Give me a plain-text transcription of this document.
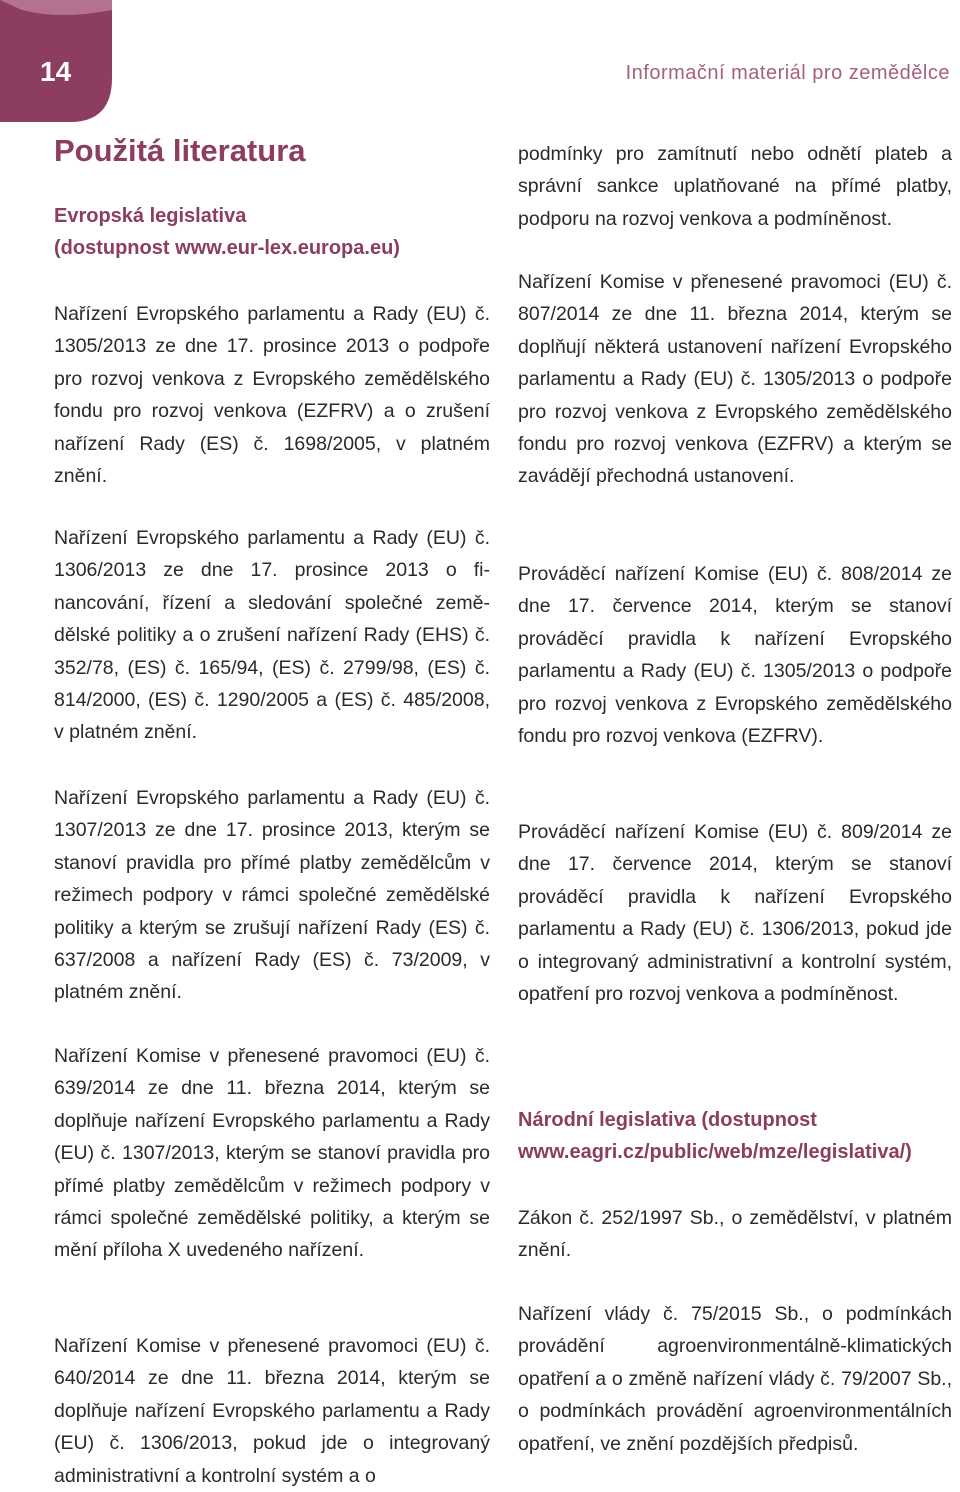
14	Informační materiál pro zemědělce
Použitá literatura
Evropská legislativa
(dostupnost www.eur-lex.europa.eu)
Nařízení Evropského parlamentu a Rady (EU) č. 1305/2013 ze dne 17. prosince 2013 o podpoře pro rozvoj venkova z Evropského zemědělského fondu pro rozvoj venkova (EZFRV) a o zrušení nařízení Rady (ES) č. 1698/2005, v platném znění.
Nařízení Evropského parlamentu a Rady (EU) č. 1306/2013 ze dne 17. prosince 2013 o financování, řízení a sledování společné zemědělské politiky a o zrušení nařízení Rady (EHS) č. 352/78, (ES) č. 165/94, (ES) č. 2799/98, (ES) č. 814/2000, (ES) č. 1290/2005 a (ES) č. 485/2008, v platném znění.
Nařízení Evropského parlamentu a Rady (EU) č. 1307/2013 ze dne 17. prosince 2013, kterým se stanoví pravidla pro přímé platby zemědělcům v režimech podpory v rámci společné zemědělské politiky a kterým se zrušují nařízení Rady (ES) č. 637/2008 a nařízení Rady (ES) č. 73/2009, v platném znění.
Nařízení Komise v přenesené pravomoci (EU) č. 639/2014 ze dne 11. března 2014, kterým se doplňuje nařízení Evropského parlamentu a Rady (EU) č. 1307/2013, kterým se stanoví pravidla pro přímé platby zemědělcům v režimech podpory v rámci společné zemědělské politiky, a kterým se mění příloha X uvedeného nařízení.
Nařízení Komise v přenesené pravomoci (EU) č. 640/2014 ze dne 11. března 2014, kterým se doplňuje nařízení Evropského parlamentu a Rady (EU) č. 1306/2013, pokud jde o integrovaný administrativní a kontrolní systém a o
podmínky pro zamítnutí nebo odnětí plateb a správní sankce uplatňované na přímé platby, podporu na rozvoj venkova a podmíněnost.
Nařízení Komise v přenesené pravomoci (EU) č. 807/2014 ze dne 11. března 2014, kterým se doplňují některá ustanovení nařízení Evropského parlamentu a Rady (EU) č. 1305/2013 o podpoře pro rozvoj venkova z Evropského zemědělského fondu pro rozvoj venkova (EZFRV) a kterým se zavádějí přechodná ustanovení.
Prováděcí nařízení Komise (EU) č. 808/2014 ze dne 17. července 2014, kterým se stanoví prováděcí pravidla k nařízení Evropského parlamentu a Rady (EU) č. 1305/2013 o podpoře pro rozvoj venkova z Evropského zemědělského fondu pro rozvoj venkova (EZFRV).
Prováděcí nařízení Komise (EU) č. 809/2014 ze dne 17. července 2014, kterým se stanoví prováděcí pravidla k nařízení Evropského parlamentu a Rady (EU) č. 1306/2013, pokud jde o integrovaný administrativní a kontrolní systém, opatření pro rozvoj venkova a podmíněnost.
Národní legislativa (dostupnost
www.eagri.cz/public/web/mze/legislativa/)
Zákon č. 252/1997 Sb., o zemědělství, v platném znění.
Nařízení vlády č. 75/2015 Sb., o podmínkách provádění agroenvironmentálně-klimatických opatření a o změně nařízení vlády č. 79/2007 Sb., o podmínkách provádění agroenvironmentálních opatření, ve znění pozdějších předpisů.
